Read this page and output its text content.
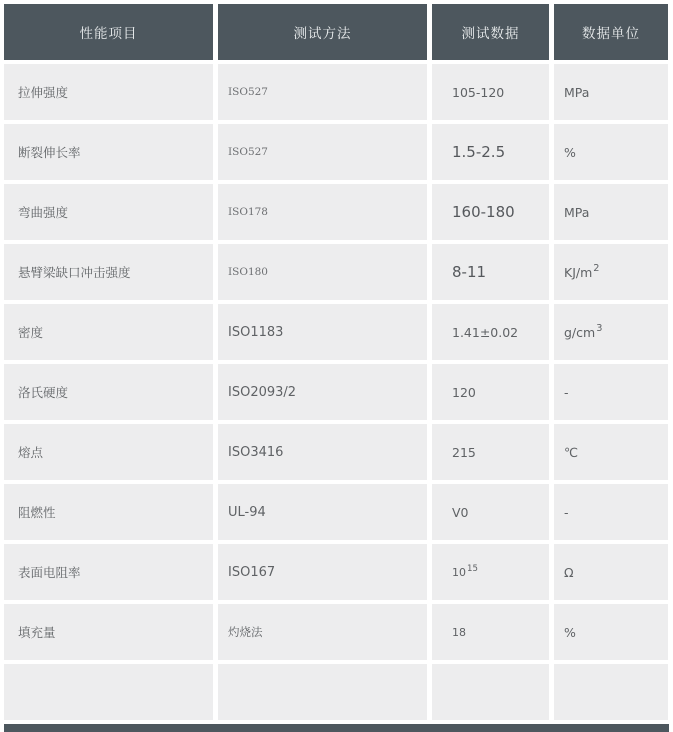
性能项目	测试方法	测试数据	数据单位
拉伸强度	ISO527	105-120	MPa
断裂伸长率	ISO527	1.5-2.5	%
弯曲强度	ISO178	160-180	MPa
悬臂梁缺口冲击强度	ISO180	8-11	$KJ/m^2$
密度	ISO1183	1.41±0.02	$g/cm^3$
洛氏硬度	ISO2093/2	120	-
熔点	ISO3416	215	℃
阻燃性	UL-94	V0	-
表面电阻率	ISO167	$10^{15}$	Ω
填充量	灼烧法	18	%
